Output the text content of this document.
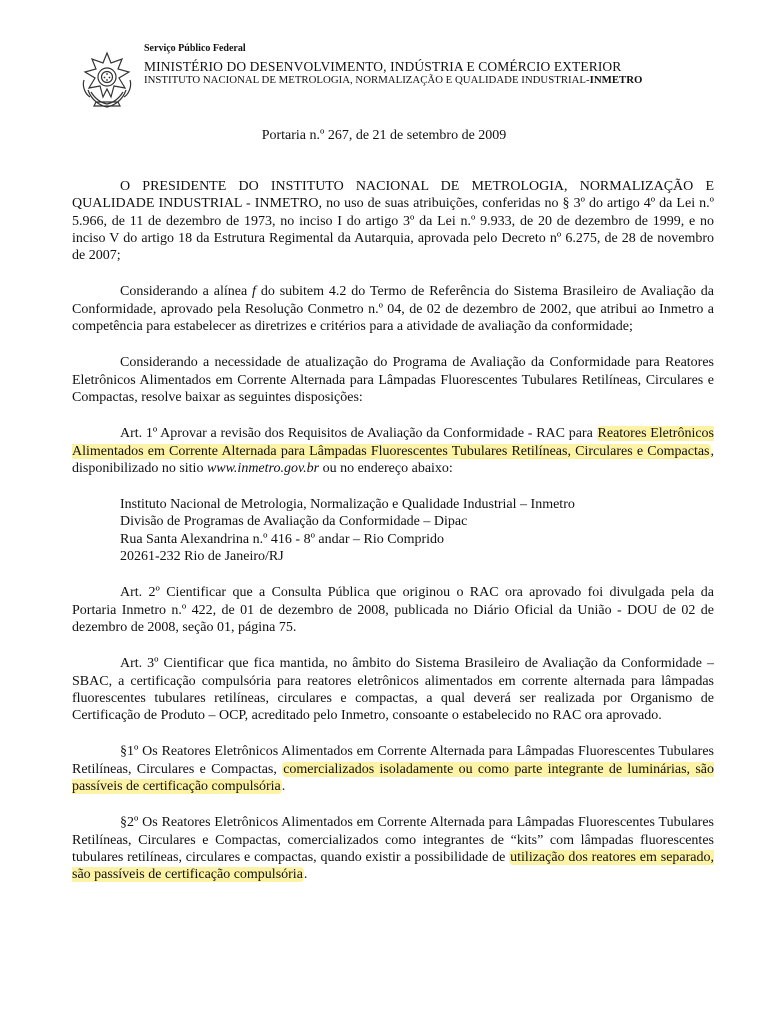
Serviço Público Federal
MINISTÉRIO DO DESENVOLVIMENTO, INDÚSTRIA E COMÉRCIO EXTERIOR
INSTITUTO NACIONAL DE METROLOGIA, NORMALIZAÇÃO E QUALIDADE INDUSTRIAL-INMETRO
Portaria n.º 267, de 21 de setembro de 2009

O PRESIDENTE DO INSTITUTO NACIONAL DE METROLOGIA, NORMALIZAÇÃO E QUALIDADE INDUSTRIAL - INMETRO, no uso de suas atribuições, conferidas no § 3º do artigo 4º da Lei n.º 5.966, de 11 de dezembro de 1973, no inciso I do artigo 3º da Lei n.º 9.933, de 20 de dezembro de 1999, e no inciso V do artigo 18 da Estrutura Regimental da Autarquia, aprovada pelo Decreto nº 6.275, de 28 de novembro de 2007;

Considerando a alínea f do subitem 4.2 do Termo de Referência do Sistema Brasileiro de Avaliação da Conformidade, aprovado pela Resolução Conmetro n.º 04, de 02 de dezembro de 2002, que atribui ao Inmetro a competência para estabelecer as diretrizes e critérios para a atividade de avaliação da conformidade;

Considerando a necessidade de atualização do Programa de Avaliação da Conformidade para Reatores Eletrônicos Alimentados em Corrente Alternada para Lâmpadas Fluorescentes Tubulares Retilíneas, Circulares e Compactas, resolve baixar as seguintes disposições:

Art. 1º Aprovar a revisão dos Requisitos de Avaliação da Conformidade - RAC para Reatores Eletrônicos Alimentados em Corrente Alternada para Lâmpadas Fluorescentes Tubulares Retilíneas, Circulares e Compactas, disponibilizado no sitio www.inmetro.gov.br ou no endereço abaixo:

Instituto Nacional de Metrologia, Normalização e Qualidade Industrial – Inmetro
Divisão de Programas de Avaliação da Conformidade – Dipac
Rua Santa Alexandrina n.º 416 - 8º andar – Rio Comprido
20261-232 Rio de Janeiro/RJ

Art. 2º Cientificar que a Consulta Pública que originou o RAC ora aprovado foi divulgada pela da Portaria Inmetro n.º 422, de 01 de dezembro de 2008, publicada no Diário Oficial da União - DOU de 02 de dezembro de 2008, seção 01, página 75.

Art. 3º Cientificar que fica mantida, no âmbito do Sistema Brasileiro de Avaliação da Conformidade – SBAC, a certificação compulsória para reatores eletrônicos alimentados em corrente alternada para lâmpadas fluorescentes tubulares retilíneas, circulares e compactas, a qual deverá ser realizada por Organismo de Certificação de Produto – OCP, acreditado pelo Inmetro, consoante o estabelecido no RAC ora aprovado.

§1º Os Reatores Eletrônicos Alimentados em Corrente Alternada para Lâmpadas Fluorescentes Tubulares Retilíneas, Circulares e Compactas, comercializados isoladamente ou como parte integrante de luminárias, são passíveis de certificação compulsória.

§2º Os Reatores Eletrônicos Alimentados em Corrente Alternada para Lâmpadas Fluorescentes Tubulares Retilíneas, Circulares e Compactas, comercializados como integrantes de “kits” com lâmpadas fluorescentes tubulares retilíneas, circulares e compactas, quando existir a possibilidade de utilização dos reatores em separado, são passíveis de certificação compulsória.
